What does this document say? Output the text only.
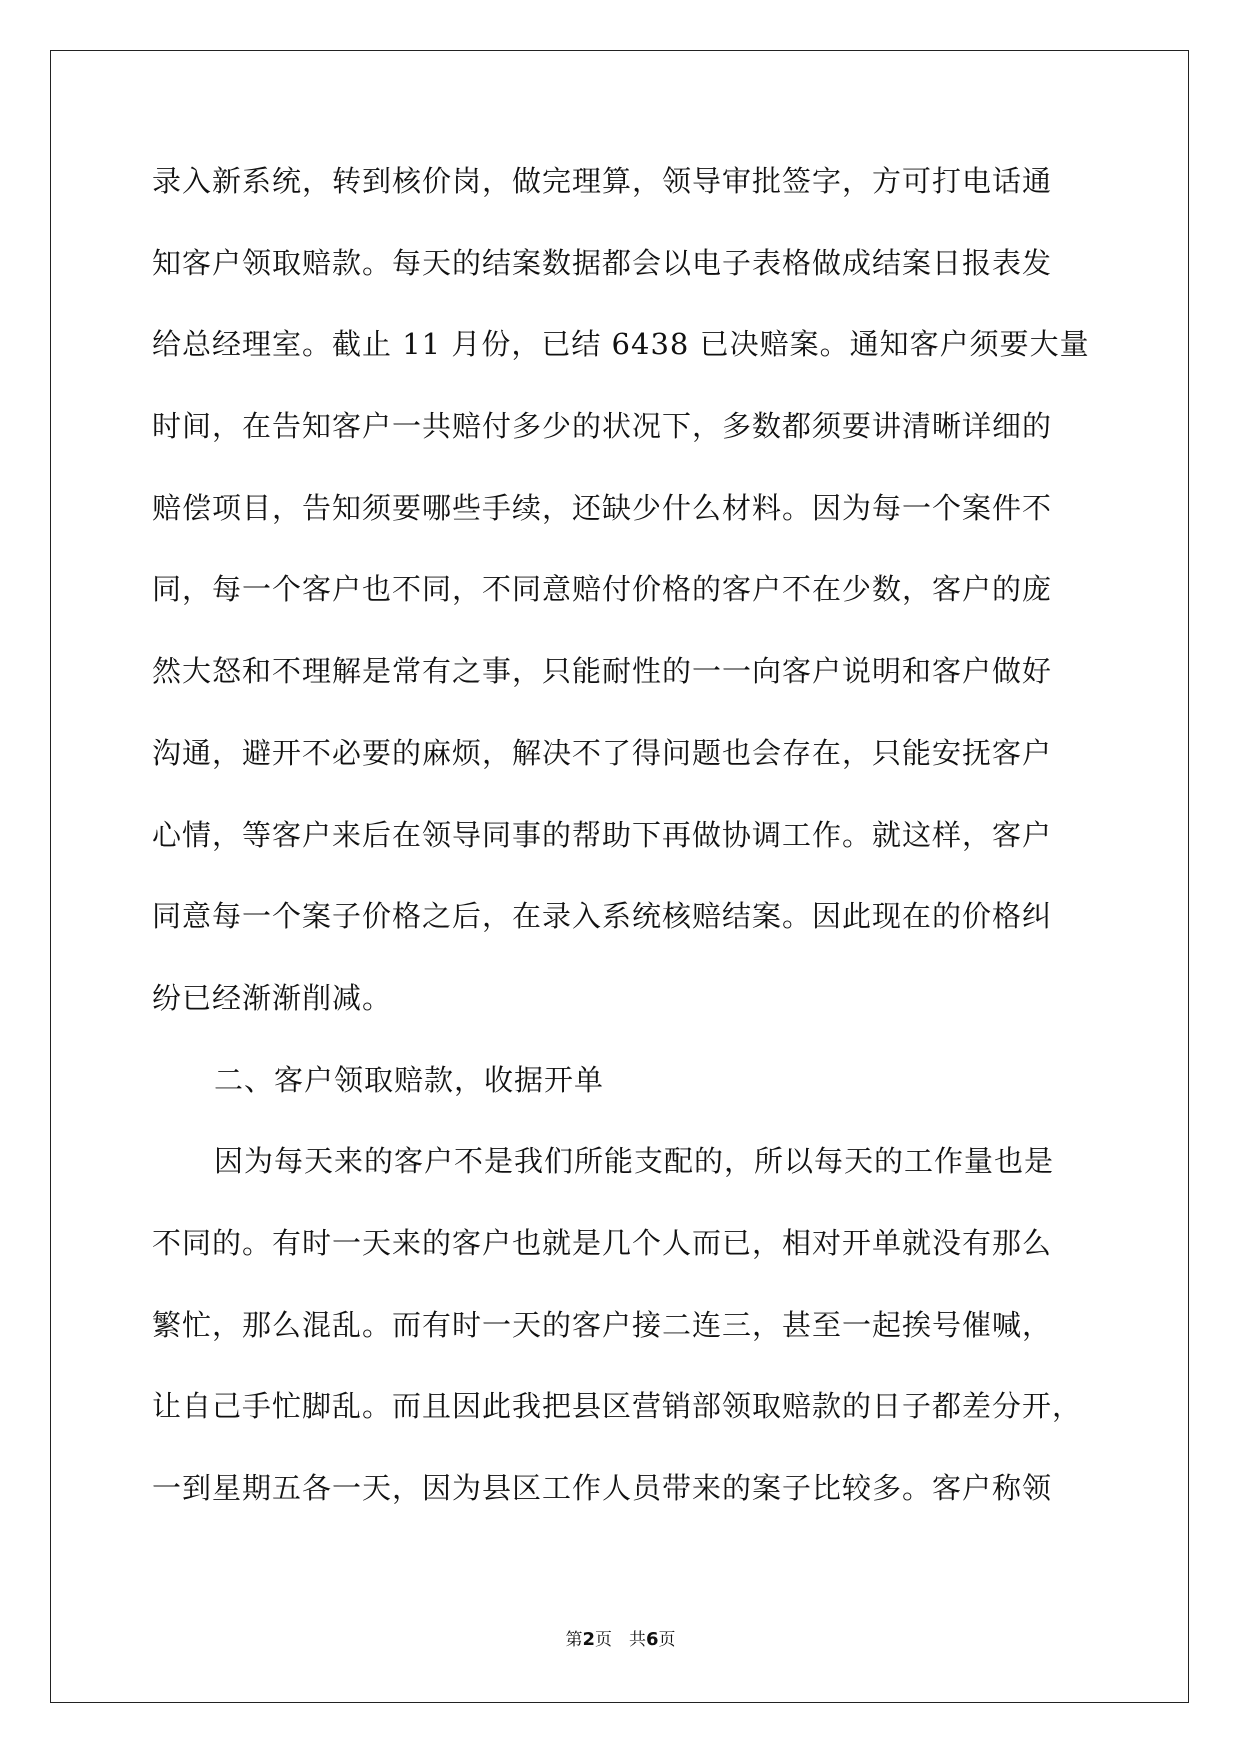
录入新系统，转到核价岗，做完理算，领导审批签字，方可打电话通
知客户领取赔款。每天的结案数据都会以电子表格做成结案日报表发
给总经理室。截止 11 月份，已结 6438 已决赔案。通知客户须要大量
时间，在告知客户一共赔付多少的状况下，多数都须要讲清晰详细的
赔偿项目，告知须要哪些手续，还缺少什么材料。因为每一个案件不
同，每一个客户也不同，不同意赔付价格的客户不在少数，客户的庞
然大怒和不理解是常有之事，只能耐性的一一向客户说明和客户做好
沟通，避开不必要的麻烦，解决不了得问题也会存在，只能安抚客户
心情，等客户来后在领导同事的帮助下再做协调工作。就这样，客户
同意每一个案子价格之后，在录入系统核赔结案。因此现在的价格纠
纷已经渐渐削减。
二、客户领取赔款，收据开单
因为每天来的客户不是我们所能支配的，所以每天的工作量也是
不同的。有时一天来的客户也就是几个人而已，相对开单就没有那么
繁忙，那么混乱。而有时一天的客户接二连三，甚至一起挨号催喊，
让自己手忙脚乱。而且因此我把县区营销部领取赔款的日子都差分开，
一到星期五各一天，因为县区工作人员带来的案子比较多。客户称领
第2页　共6页
